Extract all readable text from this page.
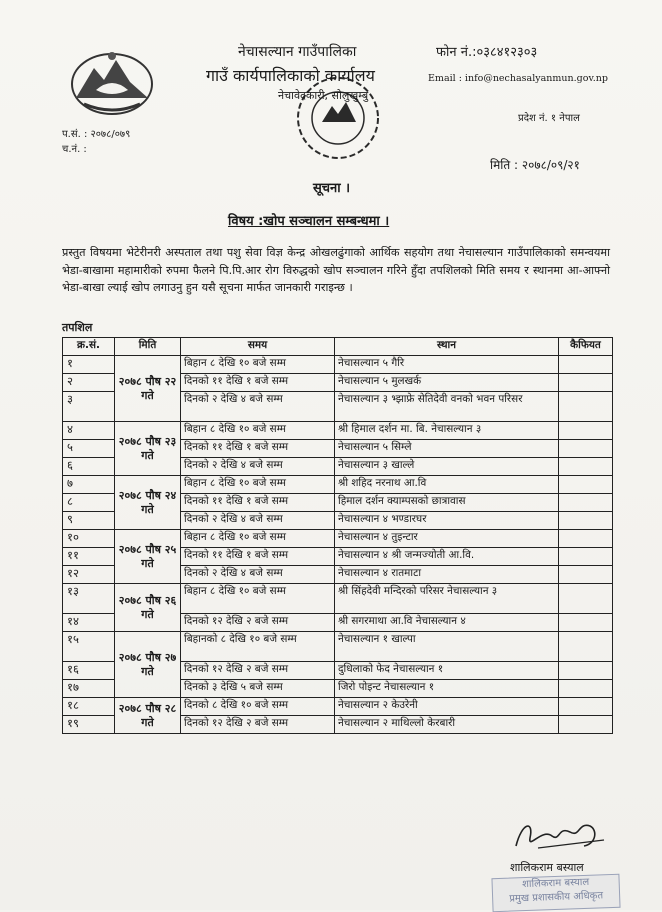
नेचासल्यान गाउँपालिका
गाउँ कार्यपालिकाको कार्यालय
नेचावेदकारी, सोलुखुम्बु
फोन नं.:०३८४१२३०३
Email : info@nechasalyanmun.gov.np
प्रदेश नं. १ नेपाल
प.सं. : २०७८/०७९
च.नं. :
मिति : २०७८/०९/२१
सूचना ।
विषय :खोप सञ्चालन सम्बन्धमा ।
प्रस्तुत विषयमा भेटेरीनरी अस्पताल तथा पशु सेवा विज्ञ केन्द्र ओखलढुंगाको आर्थिक सहयोग तथा नेचासल्यान गाउँपालिकाको समन्वयमा भेडा-बाखामा महामारीको रुपमा फैलने पि.पि.आर रोग विरुद्धको खोप सञ्चालन गरिने हुँदा तपशिलको मिति समय र स्थानमा आ-आफ्नो भेडा-बाखा ल्याई खोप लगाउनु हुन यसै सूचना मार्फत जानकारी गराइन्छ ।
तपशिल
क्र.सं.	मिति	समय	स्थान	कैफियत
१	२०७८ पौष २२ गते	बिहान ८ देखि १० बजे सम्म	नेचासल्यान ५ गैरि	
२		दिनको ११ देखि १ बजे सम्म	नेचासल्यान ५ मुलखर्क	
३		दिनको २ देखि ४ बजे सम्म	नेचासल्यान ३ भ्झाफ्रे सेतिदेवी वनको भवन परिसर	
४	२०७८ पौष २३ गते	बिहान ८ देखि १० बजे सम्म	श्री हिमाल दर्शन मा. बि. नेचासल्यान ३	
५		दिनको ११ देखि १ बजे सम्म	नेचासल्यान ५ सिम्ले	
६		दिनको २ देखि ४ बजे सम्म	नेचासल्यान ३ खाल्ले	
७	२०७८ पौष २४ गते	बिहान ८ देखि १० बजे सम्म	श्री शहिद नरनाथ आ.वि	
८		दिनको ११ देखि १ बजे सम्म	हिमाल दर्शन क्याम्पसको छात्रावास	
९		दिनको २ देखि ४ बजे सम्म	नेचासल्यान ४ भण्डारघर	
१०	२०७८ पौष २५ गते	बिहान ८ देखि १० बजे सम्म	नेचासल्यान ४ तुइन्टार	
११		दिनको ११ देखि १ बजे सम्म	नेचासल्यान ४ श्री जन्मज्योती आ.वि.	
१२		दिनको २ देखि ४ बजे सम्म	नेचासल्यान ४ रातमाटा	
१३	२०७८ पौष २६ गते	बिहान ८ देखि १० बजे सम्म	श्री सिंहदेवी मन्दिरको परिसर नेचासल्यान ३	
१४		दिनको १२ देखि २ बजे सम्म	श्री सगरमाथा आ.वि नेचासल्यान ४	
१५	२०७८ पौष २७ गते	बिहानको ८ देखि १० बजे सम्म	नेचासल्यान १ खाल्पा	
१६		दिनको १२ देखि २ बजे सम्म	दुधिलाको फेद नेचासल्यान १	
१७		दिनको ३ देखि ५ बजे सम्म	जिरो पोइन्ट नेचासल्यान १	
१८	२०७८ पौष २८ गते	दिनको ८ देखि १० बजे सम्म	नेचासल्यान २ केउरेनी	
१९		दिनको १२ देखि २ बजे सम्म	नेचासल्यान २ माथिल्लो केरबारी	
शालिकराम बस्याल
शालिकराम बस्याल
प्रमुख प्रशासकीय अधिकृत
